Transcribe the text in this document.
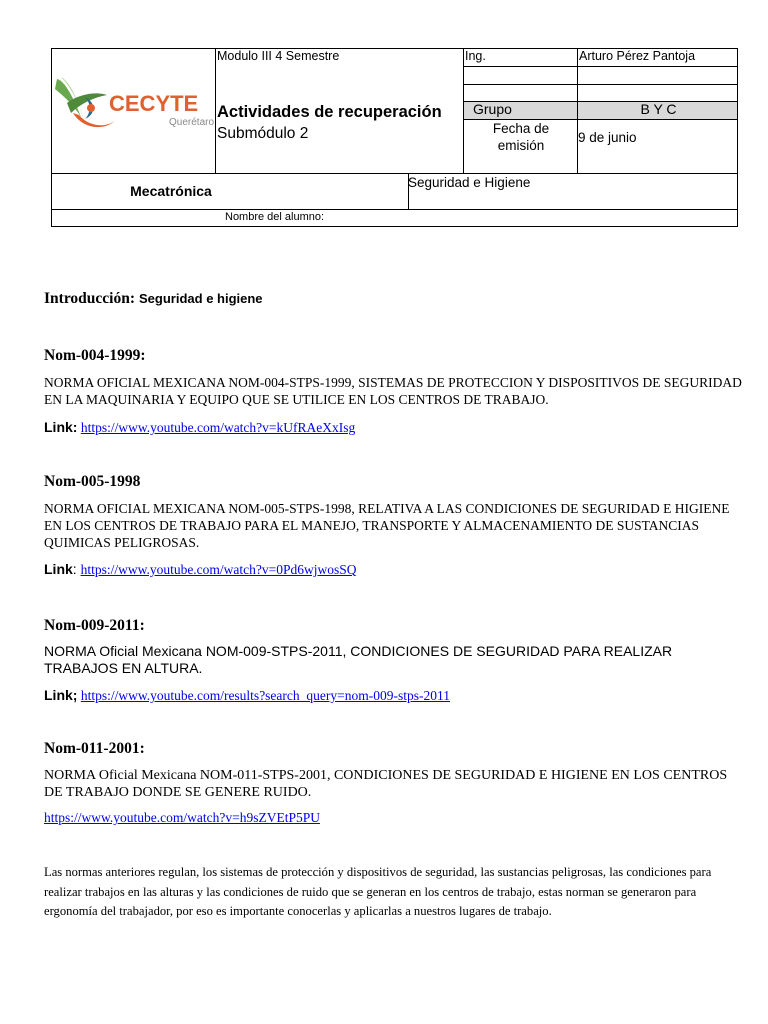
CECYTE
Querétaro
Modulo III 4 Semestre
Actividades de recuperación
Submódulo 2
Ing.	Arturo Pérez Pantoja
Grupo	B Y C
Fecha de emisión
9 de junio
Mecatrónica
Seguridad e Higiene
Nombre del alumno:
Introducción: Seguridad e higiene
Nom-004-1999:
NORMA OFICIAL MEXICANA NOM-004-STPS-1999, SISTEMAS DE PROTECCION Y DISPOSITIVOS DE SEGURIDAD EN LA MAQUINARIA Y EQUIPO QUE SE UTILICE EN LOS CENTROS DE TRABAJO.
Link: https://www.youtube.com/watch?v=kUfRAeXxIsg
Nom-005-1998
NORMA OFICIAL MEXICANA NOM-005-STPS-1998, RELATIVA A LAS CONDICIONES DE SEGURIDAD E HIGIENE EN LOS CENTROS DE TRABAJO PARA EL MANEJO, TRANSPORTE Y ALMACENAMIENTO DE SUSTANCIAS QUIMICAS PELIGROSAS.
Link: https://www.youtube.com/watch?v=0Pd6wjwosSQ
Nom-009-2011:
NORMA Oficial Mexicana NOM-009-STPS-2011, CONDICIONES DE SEGURIDAD PARA REALIZAR TRABAJOS EN ALTURA.
Link; https://www.youtube.com/results?search_query=nom-009-stps-2011
Nom-011-2001:
NORMA Oficial Mexicana NOM-011-STPS-2001, CONDICIONES DE SEGURIDAD E HIGIENE EN LOS CENTROS DE TRABAJO DONDE SE GENERE RUIDO.
https://www.youtube.com/watch?v=h9sZVEtP5PU
Las normas anteriores regulan, los sistemas de protección y dispositivos de seguridad, las sustancias peligrosas, las condiciones para realizar trabajos en las alturas y las condiciones de ruido que se generan en los centros de trabajo, estas norman se generaron para ergonomía del trabajador, por eso es importante conocerlas y aplicarlas a nuestros lugares de trabajo.
